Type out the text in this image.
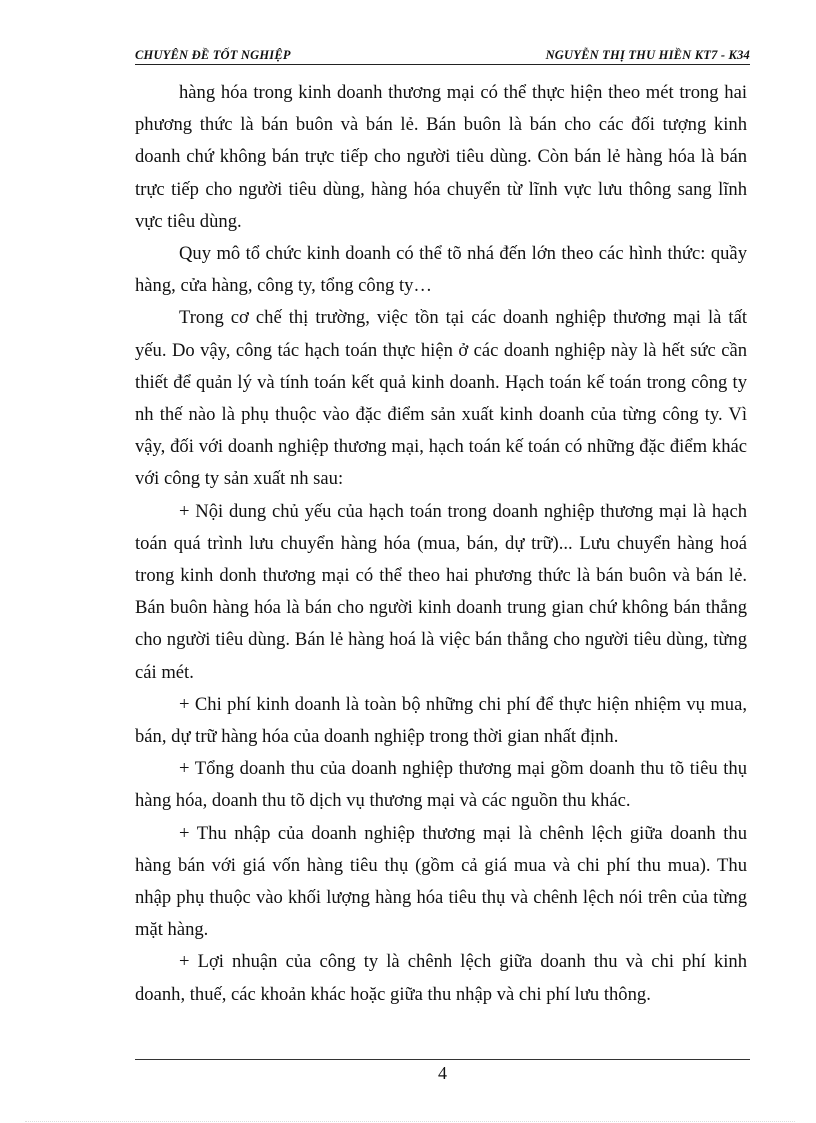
CHUYÊN ĐỀ TỐT NGHIỆP	NGUYỄN THỊ THU HIỀN KT7 - K34

hàng hóa trong kinh doanh thương mại có thể thực hiện theo mét trong hai phương thức là bán buôn và bán lẻ. Bán buôn là bán cho các đối tượng kinh doanh chứ không bán trực tiếp cho người tiêu dùng. Còn bán lẻ hàng hóa là bán trực tiếp cho người tiêu dùng, hàng hóa chuyển từ lĩnh vực lưu thông sang lĩnh vực tiêu dùng.

Quy mô tổ chức kinh doanh có thể tõ nhá đến lớn theo các hình thức: quầy hàng, cửa hàng, công ty, tổng công ty…

Trong cơ chế thị trường, việc tồn tại các doanh nghiệp thương mại là tất yếu. Do vậy, công tác hạch toán thực hiện ở các doanh nghiệp này là hết sức cần thiết để quản lý và tính toán kết quả kinh doanh. Hạch toán kế toán trong công ty nh thế nào là phụ thuộc vào đặc điểm sản xuất kinh doanh của từng công ty. Vì vậy, đối với doanh nghiệp thương mại, hạch toán kế toán có những đặc điểm khác với công ty sản xuất nh sau:

+ Nội dung chủ yếu của hạch toán trong doanh nghiệp thương mại là hạch toán quá trình lưu chuyển hàng hóa (mua, bán, dự trữ)... Lưu chuyển hàng hoá trong kinh donh thương mại có thể theo hai phương thức là bán buôn và bán lẻ. Bán buôn hàng hóa là bán cho người kinh doanh trung gian chứ không bán thẳng cho người tiêu dùng. Bán lẻ hàng hoá là việc bán thẳng cho người tiêu dùng, từng cái mét.

+ Chi phí kinh doanh là toàn bộ những chi phí để thực hiện nhiệm vụ mua, bán, dự trữ hàng hóa của doanh nghiệp trong thời gian nhất định.

+ Tổng doanh thu của doanh nghiệp thương mại gồm doanh thu tõ tiêu thụ hàng hóa, doanh thu tõ dịch vụ thương mại và các nguồn thu khác.

+ Thu nhập của doanh nghiệp thương mại là chênh lệch giữa doanh thu hàng bán với giá vốn hàng tiêu thụ (gồm cả giá mua và chi phí thu mua). Thu nhập phụ thuộc vào khối lượng hàng hóa tiêu thụ và chênh lệch nói trên của từng mặt hàng.

+ Lợi nhuận của công ty là chênh lệch giữa doanh thu và chi phí kinh doanh, thuế, các khoản khác hoặc giữa thu nhập và chi phí lưu thông.

4
